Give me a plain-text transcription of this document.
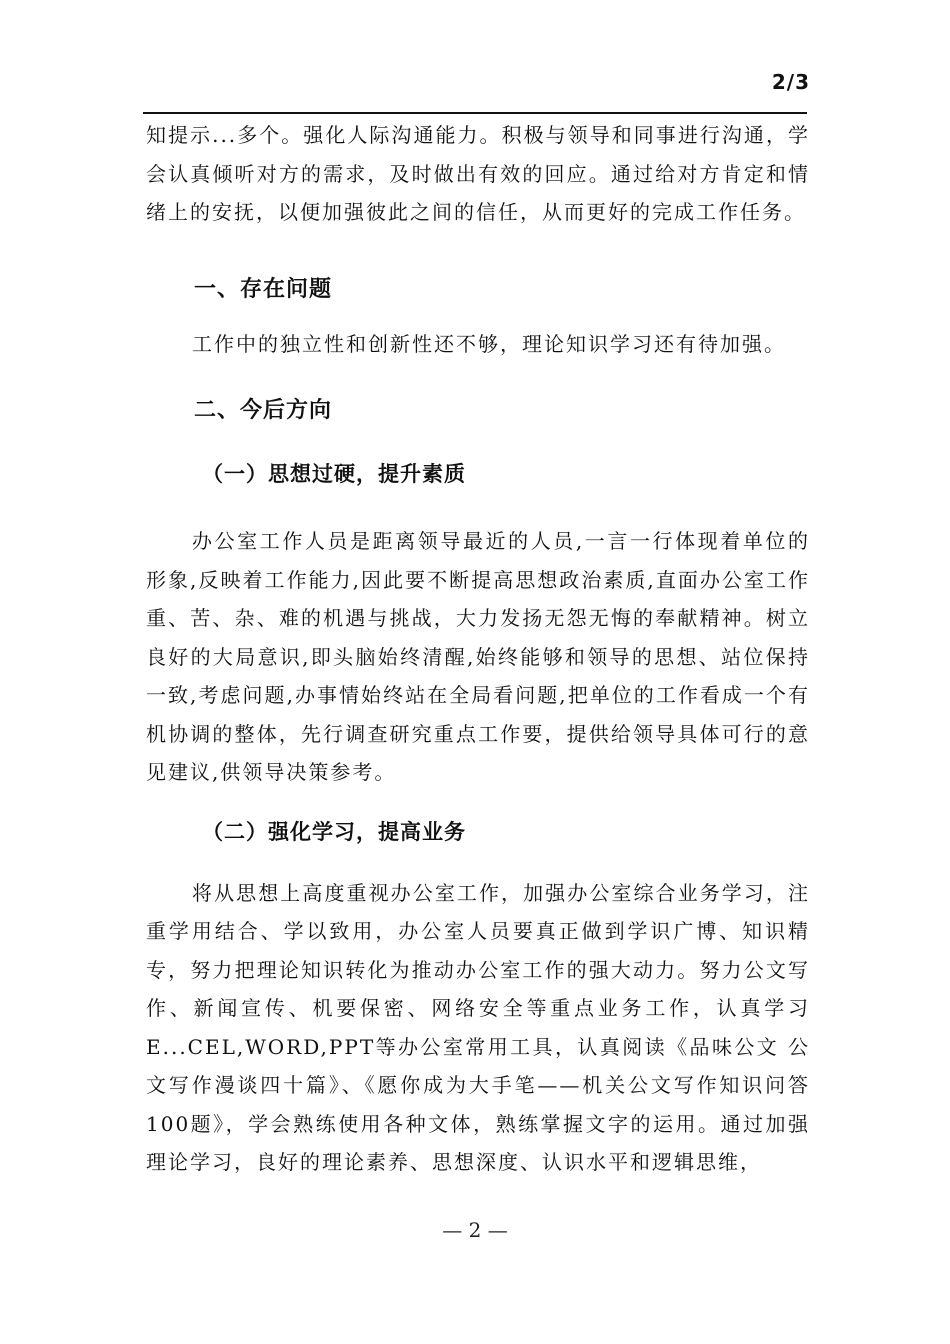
2/3

知提示...多个。强化人际沟通能力。积极与领导和同事进行沟通，学会认真倾听对方的需求，及时做出有效的回应。通过给对方肯定和情绪上的安抚，以便加强彼此之间的信任，从而更好的完成工作任务。

一、存在问题

工作中的独立性和创新性还不够，理论知识学习还有待加强。

二、今后方向
（一）思想过硬，提升素质

办公室工作人员是距离领导最近的人员,一言一行体现着单位的形象,反映着工作能力,因此要不断提高思想政治素质,直面办公室工作重、苦、杂、难的机遇与挑战，大力发扬无怨无悔的奉献精神。树立良好的大局意识,即头脑始终清醒,始终能够和领导的思想、站位保持一致,考虑问题,办事情始终站在全局看问题,把单位的工作看成一个有机协调的整体，先行调查研究重点工作要，提供给领导具体可行的意见建议,供领导决策参考。

（二）强化学习，提高业务

将从思想上高度重视办公室工作，加强办公室综合业务学习，注重学用结合、学以致用，办公室人员要真正做到学识广博、知识精专，努力把理论知识转化为推动办公室工作的强大动力。努力公文写作、新闻宣传、机要保密、网络安全等重点业务工作，认真学习E...CEL,WORD,PPT等办公室常用工具，认真阅读《品味公文 公文写作漫谈四十篇》、《愿你成为大手笔——机关公文写作知识问答100题》，学会熟练使用各种文体，熟练掌握文字的运用。通过加强理论学习，良好的理论素养、思想深度、认识水平和逻辑思维，

— 2 —
